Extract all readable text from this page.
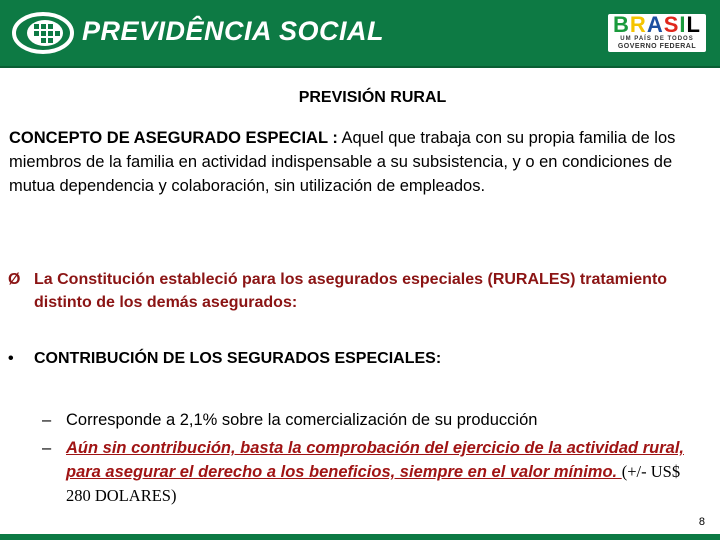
PREVIDÊNCIA SOCIAL	BRASIL
UM PAÍS DE TODOS
GOVERNO FEDERAL
PREVISIÓN RURAL
CONCEPTO DE ASEGURADO ESPECIAL : Aquel que trabaja con su propia familia de los miembros de la familia en actividad indispensable a su subsistencia, y o en condiciones de mutua dependencia y colaboración, sin utilización de empleados.
Ø La Constitución estableció para los asegurados especiales (RURALES) tratamiento distinto de los demás asegurados:
•	CONTRIBUCIÓN DE LOS SEGURADOS ESPECIALES:
– Corresponde a 2,1% sobre la comercialización de su producción
– Aún sin contribución, basta la comprobación del ejercicio de la actividad rural, para asegurar el derecho a los beneficios, siempre en el valor mínimo. (+/- US$ 280 DOLARES)
8
